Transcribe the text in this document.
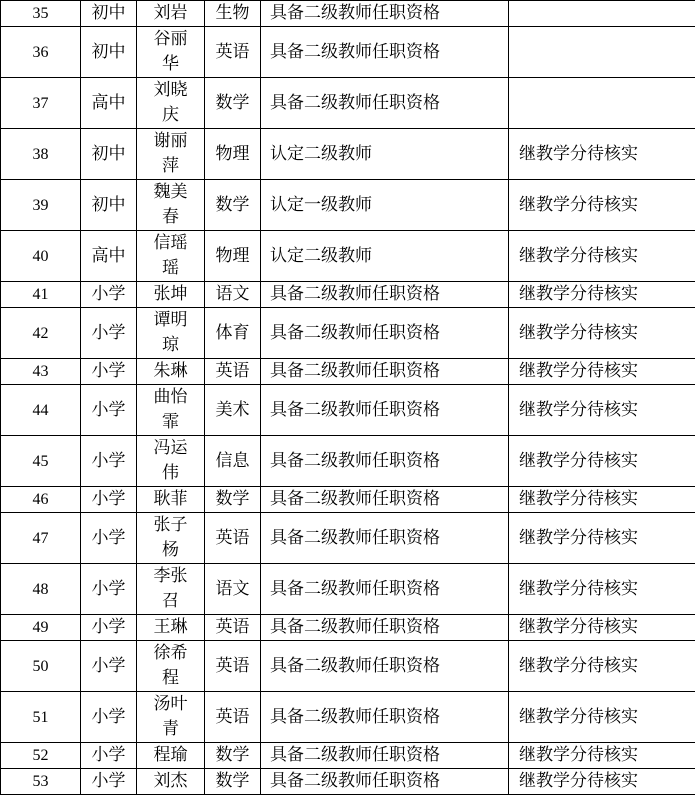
35	初中	刘岩	生物	具备二级教师任职资格	
36	初中	谷丽华	英语	具备二级教师任职资格	
37	高中	刘晓庆	数学	具备二级教师任职资格	
38	初中	谢丽萍	物理	认定二级教师	继教学分待核实
39	初中	魏美春	数学	认定一级教师	继教学分待核实
40	高中	信瑶瑶	物理	认定二级教师	继教学分待核实
41	小学	张坤	语文	具备二级教师任职资格	继教学分待核实
42	小学	谭明琼	体育	具备二级教师任职资格	继教学分待核实
43	小学	朱琳	英语	具备二级教师任职资格	继教学分待核实
44	小学	曲怡霏	美术	具备二级教师任职资格	继教学分待核实
45	小学	冯运伟	信息	具备二级教师任职资格	继教学分待核实
46	小学	耿菲	数学	具备二级教师任职资格	继教学分待核实
47	小学	张子杨	英语	具备二级教师任职资格	继教学分待核实
48	小学	李张召	语文	具备二级教师任职资格	继教学分待核实
49	小学	王琳	英语	具备二级教师任职资格	继教学分待核实
50	小学	徐希程	英语	具备二级教师任职资格	继教学分待核实
51	小学	汤叶青	英语	具备二级教师任职资格	继教学分待核实
52	小学	程瑜	数学	具备二级教师任职资格	继教学分待核实
53	小学	刘杰	数学	具备二级教师任职资格	继教学分待核实
